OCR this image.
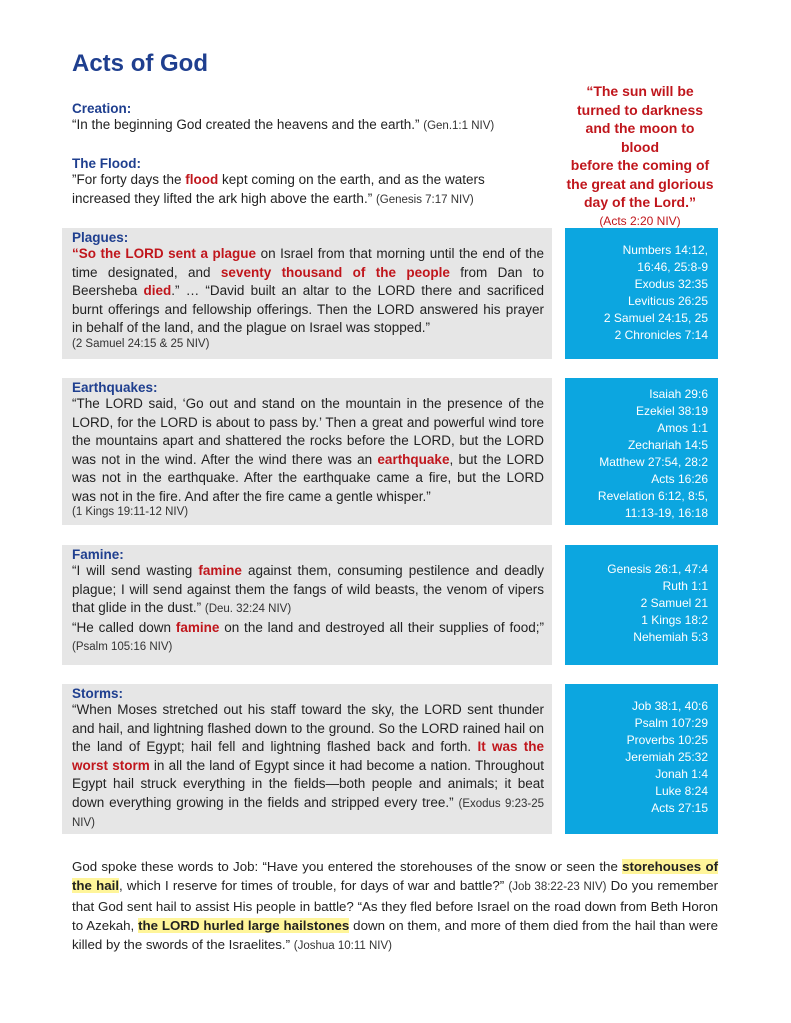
Acts of God
“The sun will be
turned to darkness
and the moon to blood
before the coming of
the great and glorious
day of the Lord.”
(Acts 2:20 NIV)
Creation:
“In the beginning God created the heavens and the earth.” (Gen.1:1 NIV)
The Flood:
”For forty days the flood kept coming on the earth, and as the waters increased they lifted the ark high above the earth.” (Genesis 7:17 NIV)
Plagues:
“So the LORD sent a plague on Israel from that morning until the end of the time designated, and seventy thousand of the people from Dan to Beersheba died.” … “David built an altar to the LORD there and sacrificed burnt offerings and fellowship offerings. Then the LORD answered his prayer in behalf of the land, and the plague on Israel was stopped.”
(2 Samuel 24:15 & 25 NIV)
Numbers 14:12,
16:46, 25:8-9
Exodus 32:35
Leviticus 26:25
2 Samuel 24:15, 25
2 Chronicles 7:14
Earthquakes:
“The LORD said, ‘Go out and stand on the mountain in the presence of the LORD, for the LORD is about to pass by.’ Then a great and powerful wind tore the mountains apart and shattered the rocks before the LORD, but the LORD was not in the wind. After the wind there was an earthquake, but the LORD was not in the earthquake. After the earthquake came a fire, but the LORD was not in the fire. And after the fire came a gentle whisper.”
(1 Kings 19:11-12 NIV)
Isaiah 29:6
Ezekiel 38:19
Amos 1:1
Zechariah 14:5
Matthew 27:54, 28:2
Acts 16:26
Revelation 6:12, 8:5,
11:13-19, 16:18
Famine:
“I will send wasting famine against them, consuming pestilence and deadly plague; I will send against them the fangs of wild beasts, the venom of vipers that glide in the dust.” (Deu. 32:24 NIV)
“He called down famine on the land and destroyed all their supplies of food;” (Psalm 105:16 NIV)
Genesis 26:1, 47:4
Ruth 1:1
2 Samuel 21
1 Kings 18:2
Nehemiah 5:3
Storms:
“When Moses stretched out his staff toward the sky, the LORD sent thunder and hail, and lightning flashed down to the ground. So the LORD rained hail on the land of Egypt; hail fell and lightning flashed back and forth. It was the worst storm in all the land of Egypt since it had become a nation. Throughout Egypt hail struck everything in the fields—both people and animals; it beat down everything growing in the fields and stripped every tree.” (Exodus 9:23-25 NIV)
Job 38:1, 40:6
Psalm 107:29
Proverbs 10:25
Jeremiah 25:32
Jonah 1:4
Luke 8:24
Acts 27:15
God spoke these words to Job: “Have you entered the storehouses of the snow or seen the storehouses of the hail, which I reserve for times of trouble, for days of war and battle?” (Job 38:22-23 NIV) Do you remember that God sent hail to assist His people in battle? “As they fled before Israel on the road down from Beth Horon to Azekah, the LORD hurled large hailstones down on them, and more of them died from the hail than were killed by the swords of the Israelites.” (Joshua 10:11 NIV)
